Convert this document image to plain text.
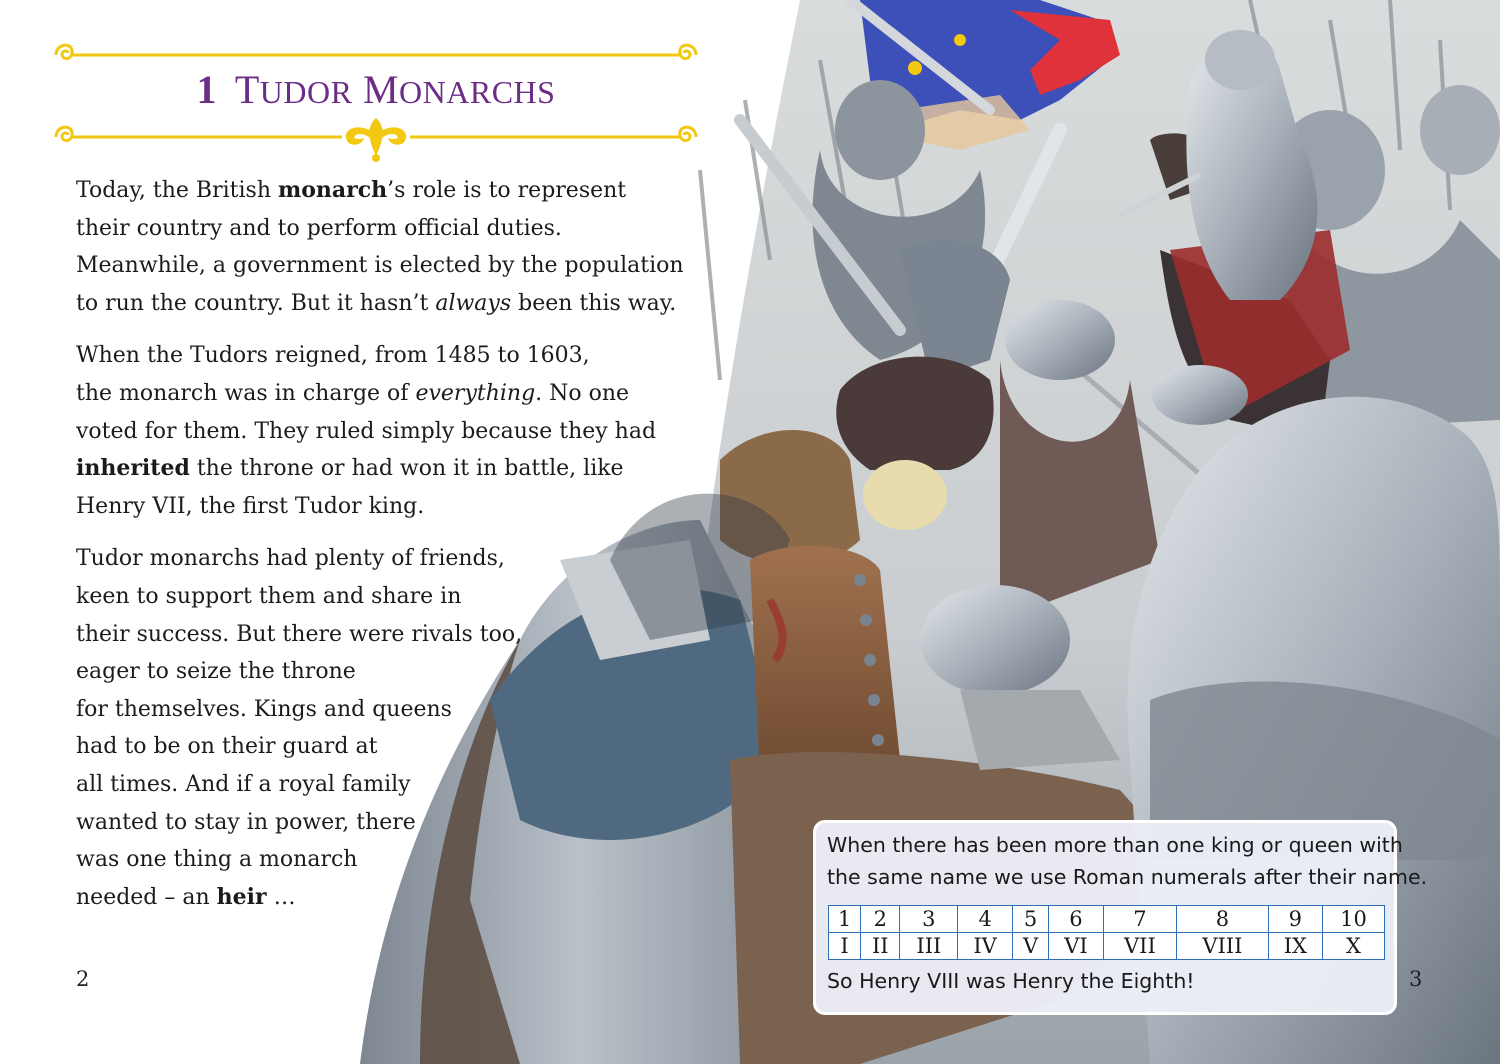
1 TUDOR MONARCHS
Today, the British monarch’s role is to represent
their country and to perform official duties.
Meanwhile, a government is elected by the population
to run the country. But it hasn’t always been this way.
When the Tudors reigned, from 1485 to 1603,
the monarch was in charge of everything. No one
voted for them. They ruled simply because they had
inherited the throne or had won it in battle, like
Henry VII, the first Tudor king.
Tudor monarchs had plenty of friends,
keen to support them and share in
their success. But there were rivals too,
eager to seize the throne
for themselves. Kings and queens
had to be on their guard at
all times. And if a royal family
wanted to stay in power, there
was one thing a monarch
needed – an heir …
2	3
When there has been more than one king or queen with
the same name we use Roman numerals after their name.
1	2	3	4	5	6	7	8	9	10
I	II	III	IV	V	VI	VII	VIII	IX	X
So Henry VIII was Henry the Eighth!
